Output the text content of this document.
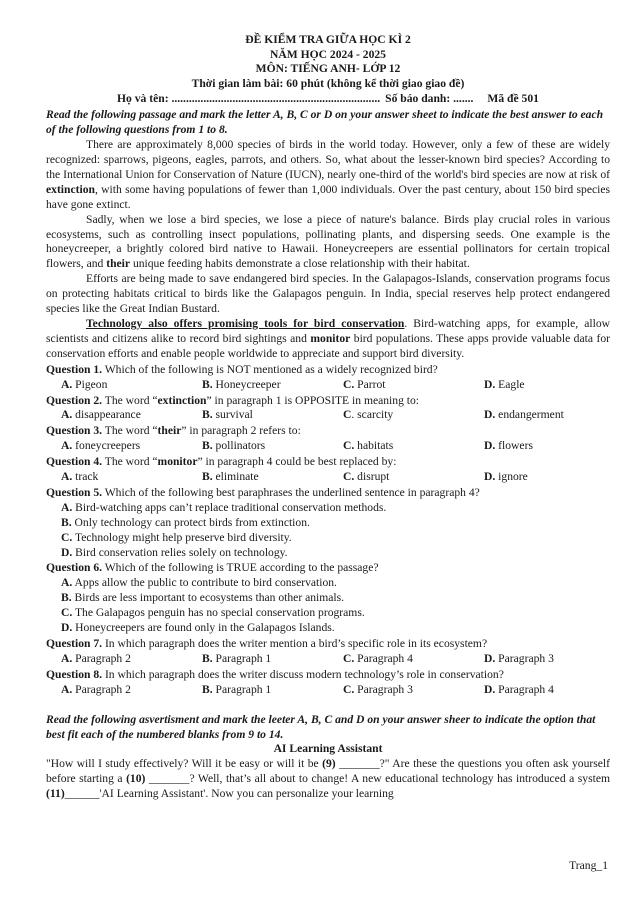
ĐỀ KIỂM TRA GIỮA HỌC KÌ 2
NĂM HỌC 2024 - 2025
MÔN: TIẾNG ANH- LỚP 12
Thời gian làm bài: 60 phút (không kể thời giao giao đề)
Họ và tên: ........................................................................ Số báo danh: ....... Mã đề 501
Read the following passage and mark the letter A, B, C or D on your answer sheet to indicate the best answer to each of the following questions from 1 to 8.
There are approximately 8,000 species of birds in the world today. However, only a few of these are widely recognized: sparrows, pigeons, eagles, parrots, and others. So, what about the lesser-known bird species? According to the International Union for Conservation of Nature (IUCN), nearly one-third of the world's bird species are now at risk of extinction, with some having populations of fewer than 1,000 individuals. Over the past century, about 150 bird species have gone extinct.
Sadly, when we lose a bird species, we lose a piece of nature's balance. Birds play crucial roles in various ecosystems, such as controlling insect populations, pollinating plants, and dispersing seeds. One example is the honeycreeper, a brightly colored bird native to Hawaii. Honeycreepers are essential pollinators for certain tropical flowers, and their unique feeding habits demonstrate a close relationship with their habitat.
Efforts are being made to save endangered bird species. In the Galapagos-Islands, conservation programs focus on protecting habitats critical to birds like the Galapagos penguin. In India, special reserves help protect endangered species like the Great Indian Bustard.
Technology also offers promising tools for bird conservation. Bird-watching apps, for example, allow scientists and citizens alike to record bird sightings and monitor bird populations. These apps provide valuable data for conservation efforts and enable people worldwide to appreciate and support bird diversity.
Question 1. Which of the following is NOT mentioned as a widely recognized bird?
A. Pigeon	B. Honeycreeper	C. Parrot	D. Eagle
Question 2. The word “extinction” in paragraph 1 is OPPOSITE in meaning to:
A. disappearance	B. survival	C. scarcity	D. endangerment
Question 3. The word “their” in paragraph 2 refers to:
A. foneycreepers	B. pollinators	C. habitats	D. flowers
Question 4. The word “monitor” in paragraph 4 could be best replaced by:
A. track	B. eliminate	C. disrupt	D. ignore
Question 5. Which of the following best paraphrases the underlined sentence in paragraph 4?
A. Bird-watching apps can’t replace traditional conservation methods.
B. Only technology can protect birds from extinction.
C. Technology might help preserve bird diversity.
D. Bird conservation relies solely on technology.
Question 6. Which of the following is TRUE according to the passage?
A. Apps allow the public to contribute to bird conservation.
B. Birds are less important to ecosystems than other animals.
C. The Galapagos penguin has no special conservation programs.
D. Honeycreepers are found only in the Galapagos Islands.
Question 7. In which paragraph does the writer mention a bird’s specific role in its ecosystem?
A. Paragraph 2	B. Paragraph 1	C. Paragraph 4	D. Paragraph 3
Question 8. In which paragraph does the writer discuss modern technology’s role in conservation?
A. Paragraph 2	B. Paragraph 1	C. Paragraph 3	D. Paragraph 4
Read the following asvertisment and mark the leeter A, B, C and D on your answer sheer to indicate the option that best fit each of the numbered blanks from 9 to 14.
AI Learning Assistant
"How will I study effectively? Will it be easy or will it be (9) _______?" Are these the questions you often ask yourself before starting a (10) _______? Well, that’s all about to change! A new educational technology has introduced a system (11)______'AI Learning Assistant'. Now you can personalize your learning
Trang_1
